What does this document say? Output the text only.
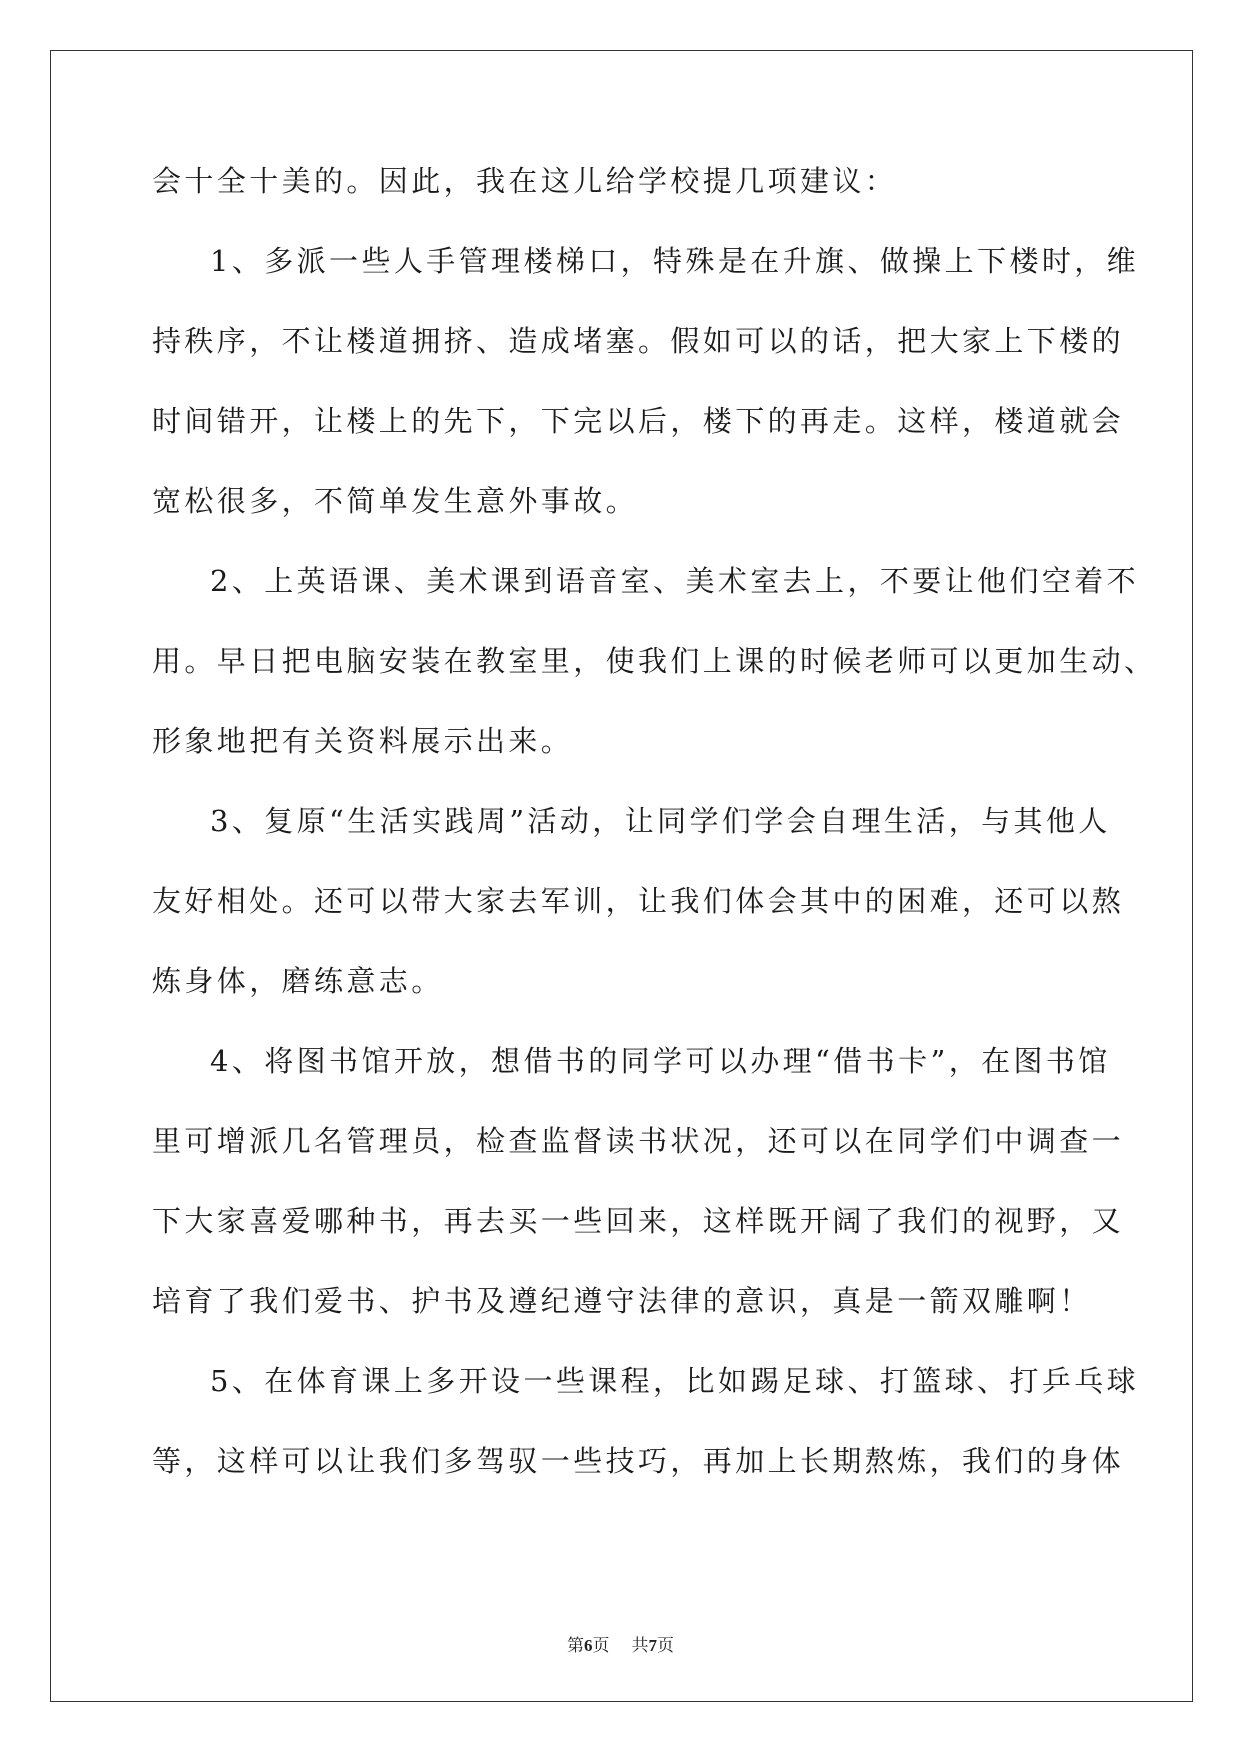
会十全十美的。因此，我在这儿给学校提几项建议：
1、多派一些人手管理楼梯口，特殊是在升旗、做操上下楼时，维
持秩序，不让楼道拥挤、造成堵塞。假如可以的话，把大家上下楼的
时间错开，让楼上的先下，下完以后，楼下的再走。这样，楼道就会
宽松很多，不简单发生意外事故。
2、上英语课、美术课到语音室、美术室去上，不要让他们空着不
用。早日把电脑安装在教室里，使我们上课的时候老师可以更加生动、
形象地把有关资料展示出来。
3、复原“生活实践周”活动，让同学们学会自理生活，与其他人
友好相处。还可以带大家去军训，让我们体会其中的困难，还可以熬
炼身体，磨练意志。
4、将图书馆开放，想借书的同学可以办理“借书卡”，在图书馆
里可增派几名管理员，检查监督读书状况，还可以在同学们中调查一
下大家喜爱哪种书，再去买一些回来，这样既开阔了我们的视野，又
培育了我们爱书、护书及遵纪遵守法律的意识，真是一箭双雕啊！
5、在体育课上多开设一些课程，比如踢足球、打篮球、打乒乓球
等，这样可以让我们多驾驭一些技巧，再加上长期熬炼，我们的身体
第6页 共7页
